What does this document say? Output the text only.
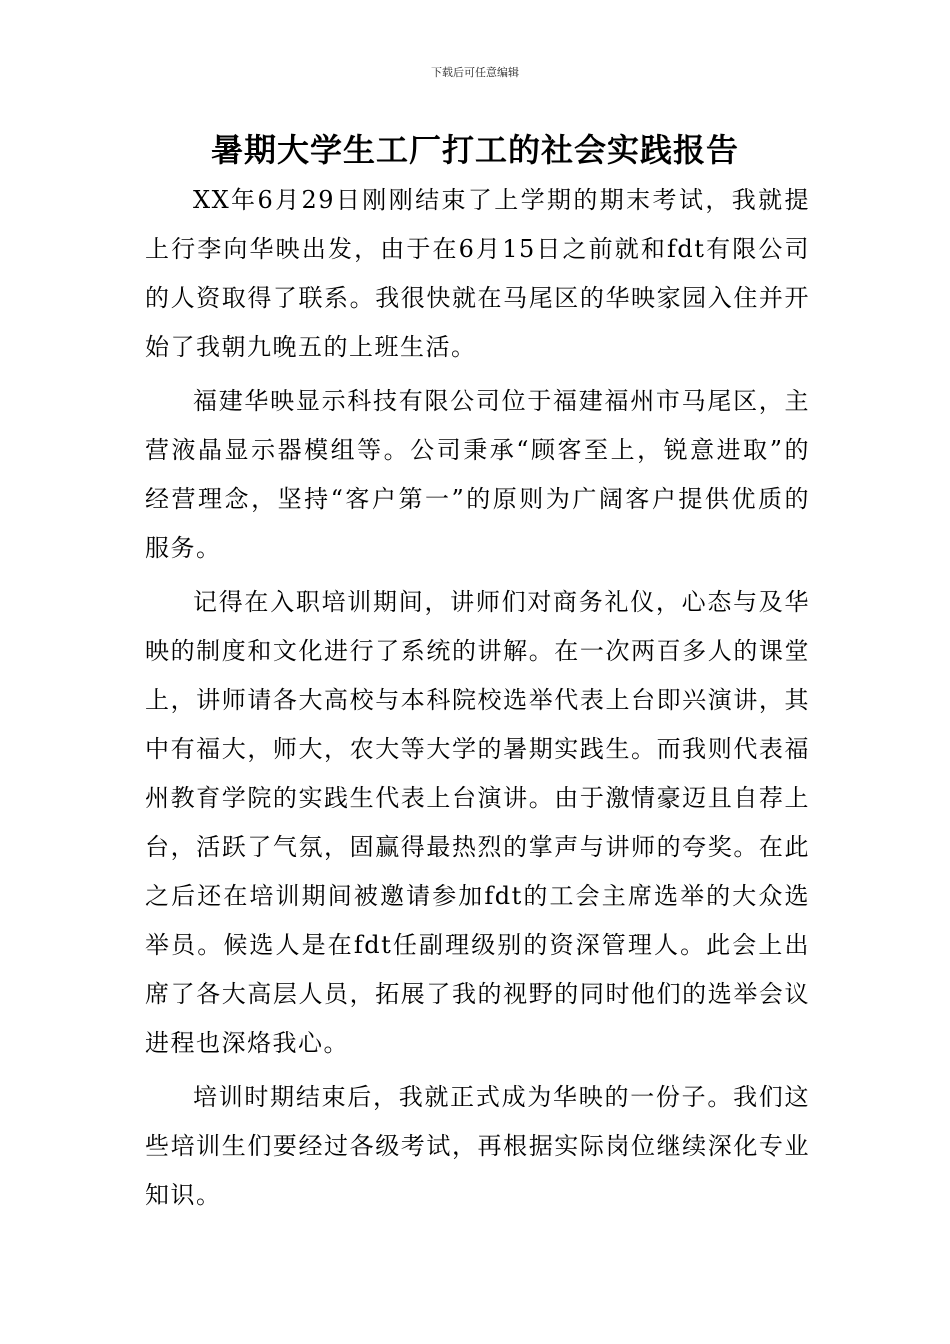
下载后可任意编辑
暑期大学生工厂打工的社会实践报告

XX年6月29日刚刚结束了上学期的期末考试，我就提上行李向华映出发，由于在6月15日之前就和fdt有限公司的人资取得了联系。我很快就在马尾区的华映家园入住并开始了我朝九晚五的上班生活。

福建华映显示科技有限公司位于福建福州市马尾区，主营液晶显示器模组等。公司秉承“顾客至上，锐意进取”的经营理念，坚持“客户第一”的原则为广阔客户提供优质的服务。

记得在入职培训期间，讲师们对商务礼仪，心态与及华映的制度和文化进行了系统的讲解。在一次两百多人的课堂上，讲师请各大高校与本科院校选举代表上台即兴演讲，其中有福大，师大，农大等大学的暑期实践生。而我则代表福州教育学院的实践生代表上台演讲。由于激情豪迈且自荐上台，活跃了气氛，固赢得最热烈的掌声与讲师的夸奖。在此之后还在培训期间被邀请参加fdt的工会主席选举的大众选举员。候选人是在fdt任副理级别的资深管理人。此会上出席了各大高层人员，拓展了我的视野的同时他们的选举会议进程也深烙我心。

培训时期结束后，我就正式成为华映的一份子。我们这些培训生们要经过各级考试，再根据实际岗位继续深化专业知识。
